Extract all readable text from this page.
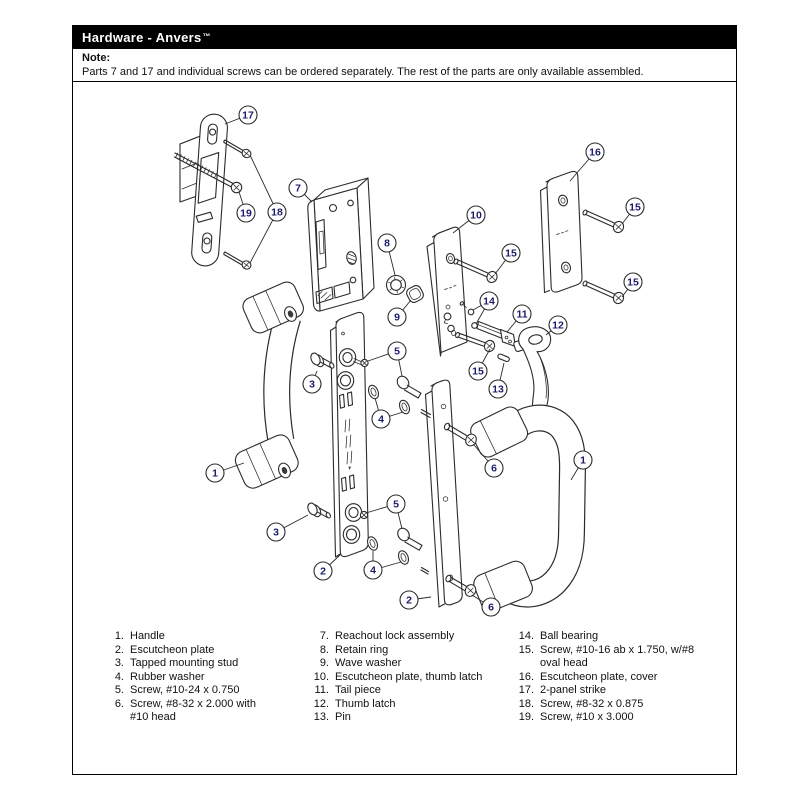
Hardware - Anvers ™
Note:
Parts 7 and 17 and individual screws can be ordered separately. The rest of the parts are only available assembled.
17
19 18
7
8
9
10
16
15
15
15
14
11
12
15
13
1
3
5
4
3
2
5
4
2
6
6
1
1. Handle
2. Escutcheon plate
3. Tapped mounting stud
4. Rubber washer
5. Screw, #10-24 x 0.750
6. Screw, #8-32 x 2.000 with
#10 head
7. Reachout lock assembly
8. Retain ring
9. Wave washer
10. Escutcheon plate, thumb latch
11. Tail piece
12. Thumb latch
13. Pin
14. Ball bearing
15. Screw, #10-16 ab x 1.750, w/#8
oval head
16. Escutcheon plate, cover
17. 2-panel strike
18. Screw, #8-32 x 0.875
19. Screw, #10 x 3.000
